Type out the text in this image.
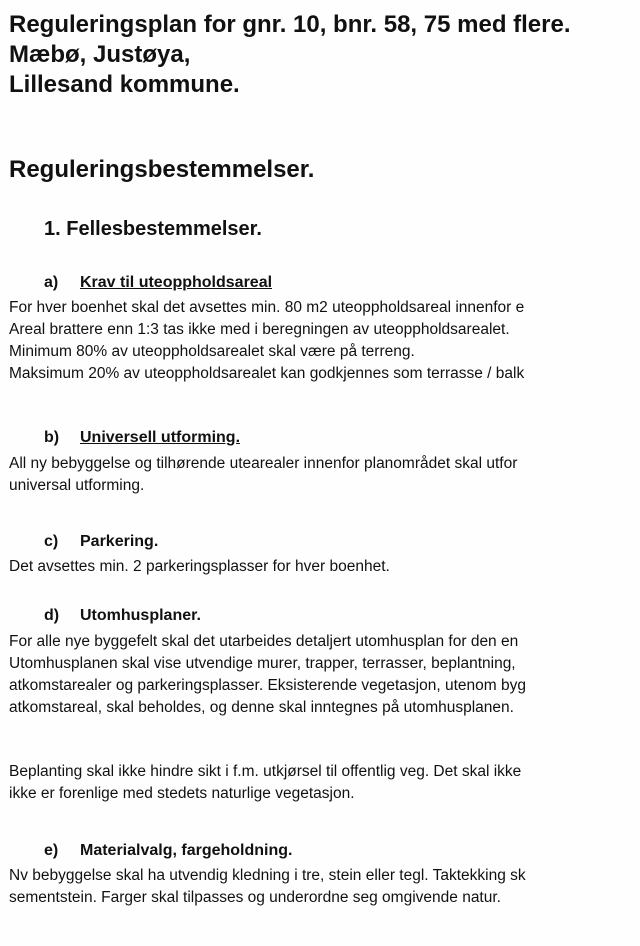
Reguleringsplan for gnr. 10, bnr. 58, 75 med flere.
Mæbø, Justøya,
Lillesand kommune.
Reguleringsbestemmelser.
1. Fellesbestemmelser.
a) Krav til uteoppholdsareal
For hver boenhet skal det avsettes min. 80 m2 uteoppholdsareal innenfor e
Areal brattere enn 1:3 tas ikke med i beregningen av uteoppholdsarealet.
Minimum 80% av uteoppholdsarealet skal være på terreng.
Maksimum 20% av uteoppholdsarealet kan godkjennes som terrasse / balk
b) Universell utforming.
All ny bebyggelse og tilhørende utearealer innenfor planområdet skal utfor
universal utforming.
c) Parkering.
Det avsettes min. 2 parkeringsplasser for hver boenhet.
d) Utomhusplaner.
For alle nye byggefelt skal det utarbeides detaljert utomhusplan for den en
Utomhusplanen skal vise utvendige murer, trapper, terrasser, beplantning,
atkomstarealer og parkeringsplasser. Eksisterende vegetasjon, utenom byg
atkomstareal, skal beholdes, og denne skal inntegnes på utomhusplanen.
Beplanting skal ikke hindre sikt i f.m. utkjørsel til offentlig veg. Det skal ikke
ikke er forenlige med stedets naturlige vegetasjon.
e) Materialvalg, fargeholdning.
Nv bebyggelse skal ha utvendig kledning i tre, stein eller tegl. Taktekking sk
sementstein. Farger skal tilpasses og underordne seg omgivende natur.
